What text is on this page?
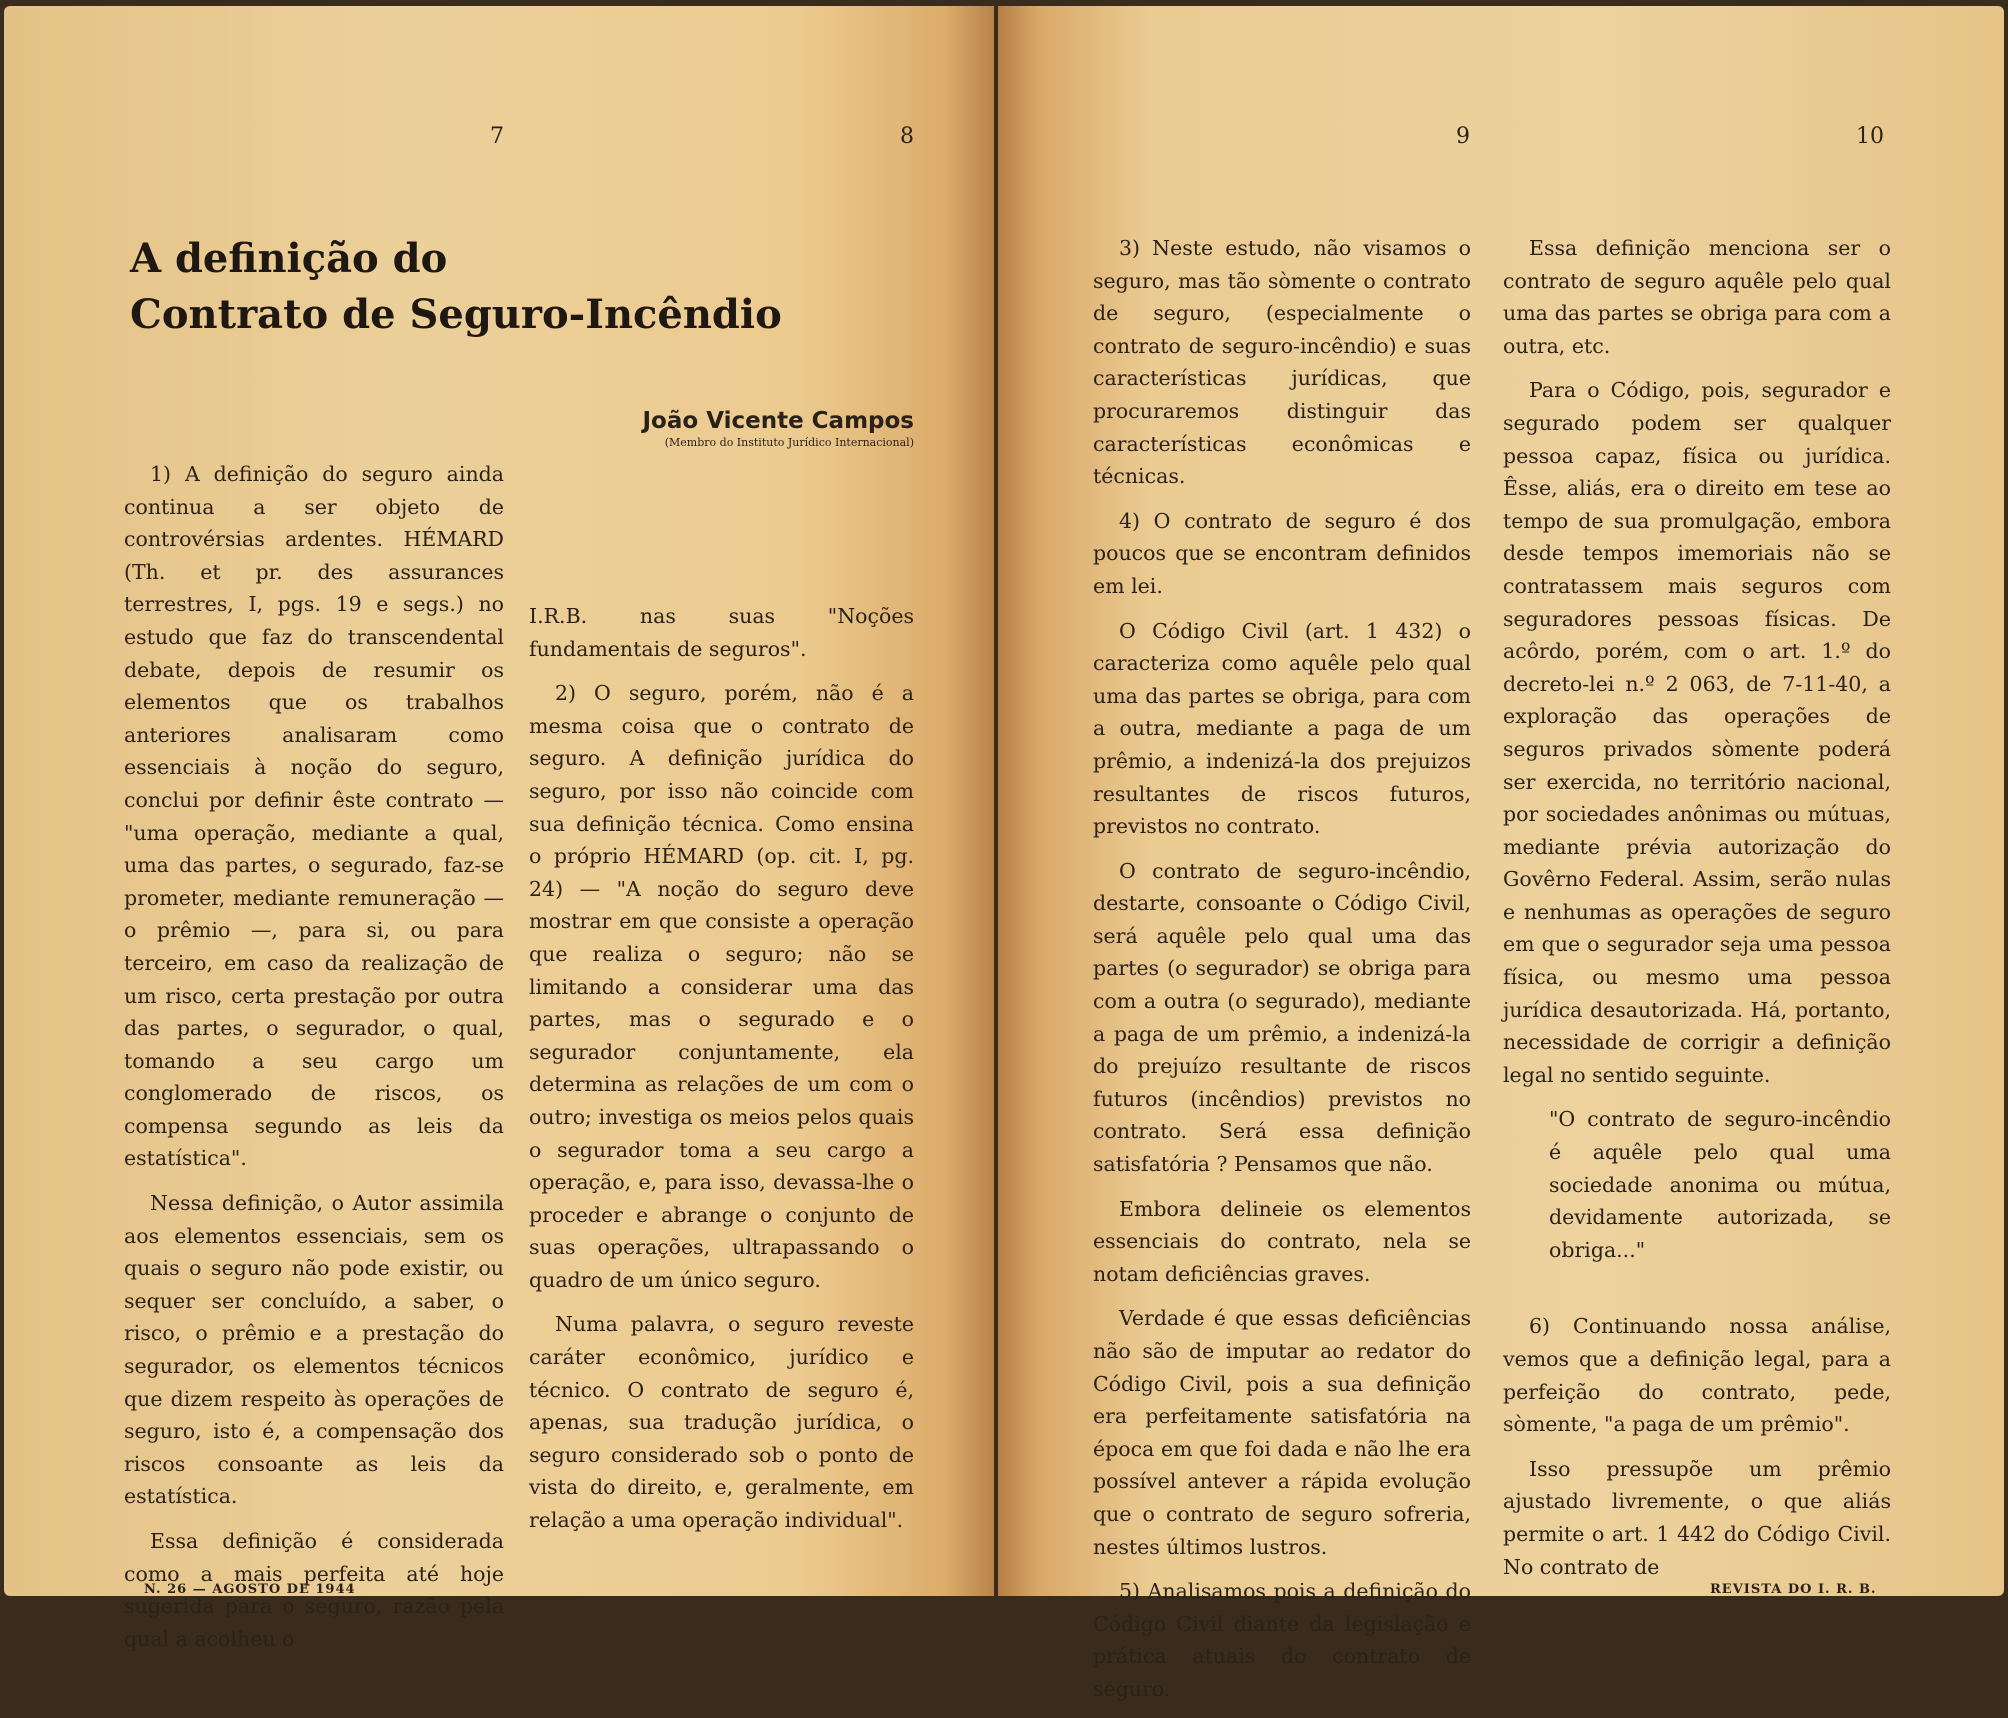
7	8
A definição do
Contrato de Seguro-Incêndio
João Vicente Campos
(Membro do Instituto Jurídico Internacional)

1) A definição do seguro ainda continua a ser objeto de controvérsias ardentes. HÉMARD (Th. et pr. des assurances terrestres, I, pgs. 19 e segs.) no estudo que faz do transcendental debate, depois de resumir os elementos que os trabalhos anteriores analisaram como essenciais à noção do seguro, conclui por definir êste contrato — "uma operação, mediante a qual, uma das partes, o segurado, faz-se prometer, mediante remuneração — o prêmio —, para si, ou para terceiro, em caso da realização de um risco, certa prestação por outra das partes, o segurador, o qual, tomando a seu cargo um conglomerado de riscos, os compensa segundo as leis da estatística".

Nessa definição, o Autor assimila aos elementos essenciais, sem os quais o seguro não pode existir, ou sequer ser concluído, a saber, o risco, o prêmio e a prestação do segurador, os elementos técnicos que dizem respeito às operações de seguro, isto é, a compensação dos riscos consoante as leis da estatística.

Essa definição é considerada como a mais perfeita até hoje sugerida para o seguro, razão pela qual a acolheu o

I.R.B. nas suas "Noções fundamentais de seguros".

2) O seguro, porém, não é a mesma coisa que o contrato de seguro. A definição jurídica do seguro, por isso não coincide com sua definição técnica. Como ensina o próprio HÉMARD (op. cit. I, pg. 24) — "A noção do seguro deve mostrar em que consiste a operação que realiza o seguro; não se limitando a considerar uma das partes, mas o segurado e o segurador conjuntamente, ela determina as relações de um com o outro; investiga os meios pelos quais o segurador toma a seu cargo a operação, e, para isso, devassa-lhe o proceder e abrange o conjunto de suas operações, ultrapassando o quadro de um único seguro.

Numa palavra, o seguro reveste caráter econômico, jurídico e técnico. O contrato de seguro é, apenas, sua tradução jurídica, o seguro considerado sob o ponto de vista do direito, e, geralmente, em relação a uma operação individual".

N. 26 — AGOSTO DE 1944
9	10

3) Neste estudo, não visamos o seguro, mas tão sòmente o contrato de seguro, (especialmente o contrato de seguro-incêndio) e suas características jurídicas, que procuraremos distinguir das características econômicas e técnicas.

4) O contrato de seguro é dos poucos que se encontram definidos em lei.

O Código Civil (art. 1 432) o caracteriza como aquêle pelo qual uma das partes se obriga, para com a outra, mediante a paga de um prêmio, a indenizá-la dos prejuizos resultantes de riscos futuros, previstos no contrato.

O contrato de seguro-incêndio, destarte, consoante o Código Civil, será aquêle pelo qual uma das partes (o segurador) se obriga para com a outra (o segurado), mediante a paga de um prêmio, a indenizá-la do prejuízo resultante de riscos futuros (incêndios) previstos no contrato. Será essa definição satisfatória ? Pensamos que não.

Embora delineie os elementos essenciais do contrato, nela se notam deficiências graves.

Verdade é que essas deficiências não são de imputar ao redator do Código Civil, pois a sua definição era perfeitamente satisfatória na época em que foi dada e não lhe era possível antever a rápida evolução que o contrato de seguro sofreria, nestes últimos lustros.

5) Analisamos pois a definição do Código Civil diante da legislação e prática atuais do contrato de seguro.

Essa definição menciona ser o contrato de seguro aquêle pelo qual uma das partes se obriga para com a outra, etc.

Para o Código, pois, segurador e segurado podem ser qualquer pessoa capaz, física ou jurídica. Êsse, aliás, era o direito em tese ao tempo de sua promulgação, embora desde tempos imemoriais não se contratassem mais seguros com seguradores pessoas físicas. De acôrdo, porém, com o art. 1.º do decreto-lei n.º 2 063, de 7-11-40, a exploração das operações de seguros privados sòmente poderá ser exercida, no território nacional, por sociedades anônimas ou mútuas, mediante prévia autorização do Govêrno Federal. Assim, serão nulas e nenhumas as operações de seguro em que o segurador seja uma pessoa física, ou mesmo uma pessoa jurídica desautorizada. Há, portanto, necessidade de corrigir a definição legal no sentido seguinte.

"O contrato de seguro-incêndio é aquêle pelo qual uma sociedade anonima ou mútua, devidamente autorizada, se obriga..."

6) Continuando nossa análise, vemos que a definição legal, para a perfeição do contrato, pede, sòmente, "a paga de um prêmio".

Isso pressupõe um prêmio ajustado livremente, o que aliás permite o art. 1 442 do Código Civil. No contrato de

REVISTA DO I. R. B.
